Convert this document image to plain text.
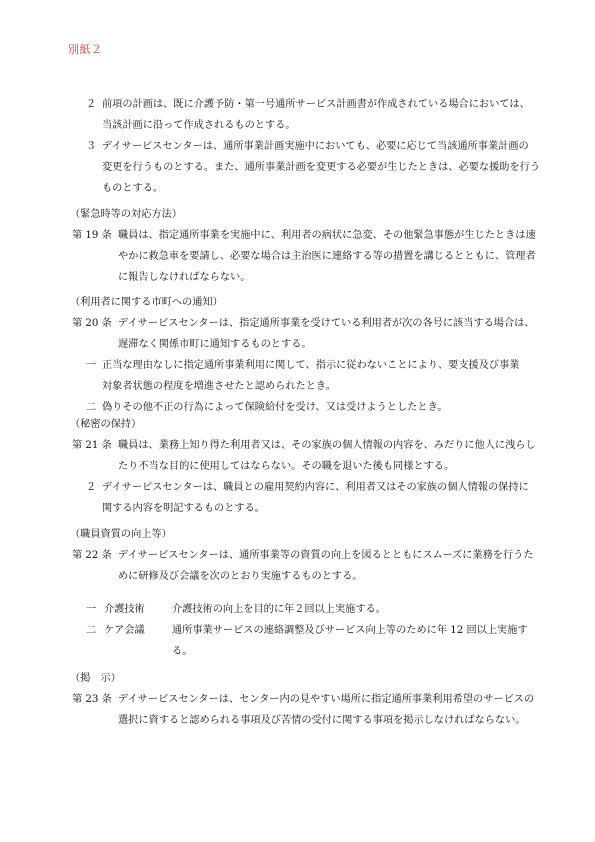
別紙２
２ 前項の計画は、既に介護予防・第一号通所サービス計画書が作成されている場合においては、
当該計画に沿って作成されるものとする。
３ デイサービスセンターは、通所事業計画実施中においても、必要に応じて当該通所事業計画の
変更を行うものとする。また、通所事業計画を変更する必要が生じたときは、必要な援助を行う
ものとする。
（緊急時等の対応方法）
第 19 条 職員は、指定通所事業を実施中に、利用者の病状に急変、その他緊急事態が生じたときは速
やかに救急車を要請し、必要な場合は主治医に連絡する等の措置を講じるとともに、管理者
に報告しなければならない。
（利用者に関する市町への通知）
第 20 条 デイサービスセンターは、指定通所事業を受けている利用者が次の各号に該当する場合は、
遅滞なく関係市町に通知するものとする。
一 正当な理由なしに指定通所事業利用に関して、指示に従わないことにより、要支援及び事業
対象者状態の程度を増進させたと認められたとき。
二 偽りその他不正の行為によって保険給付を受け、又は受けようとしたとき。
（秘密の保持）
第 21 条 職員は、業務上知り得た利用者又は、その家族の個人情報の内容を、みだりに他人に洩らし
たり不当な目的に使用してはならない。その職を退いた後も同様とする。
２ デイサービスセンターは、職員との雇用契約内容に、利用者又はその家族の個人情報の保持に
関する内容を明記するものとする。
（職員資質の向上等）
第 22 条 デイサービスセンターは、通所事業等の資質の向上を図るとともにスムーズに業務を行うた
めに研修及び会議を次のとおり実施するものとする。
一 介護技術	介護技術の向上を目的に年２回以上実施する。
二 ケア会議	通所事業サービスの連絡調整及びサービス向上等のために年 12 回以上実施す
る。
（掲　示）
第 23 条 デイサービスセンターは、センター内の見やすい場所に指定通所事業利用希望のサービスの
選択に資すると認められる事項及び苦情の受付に関する事項を掲示しなければならない。
